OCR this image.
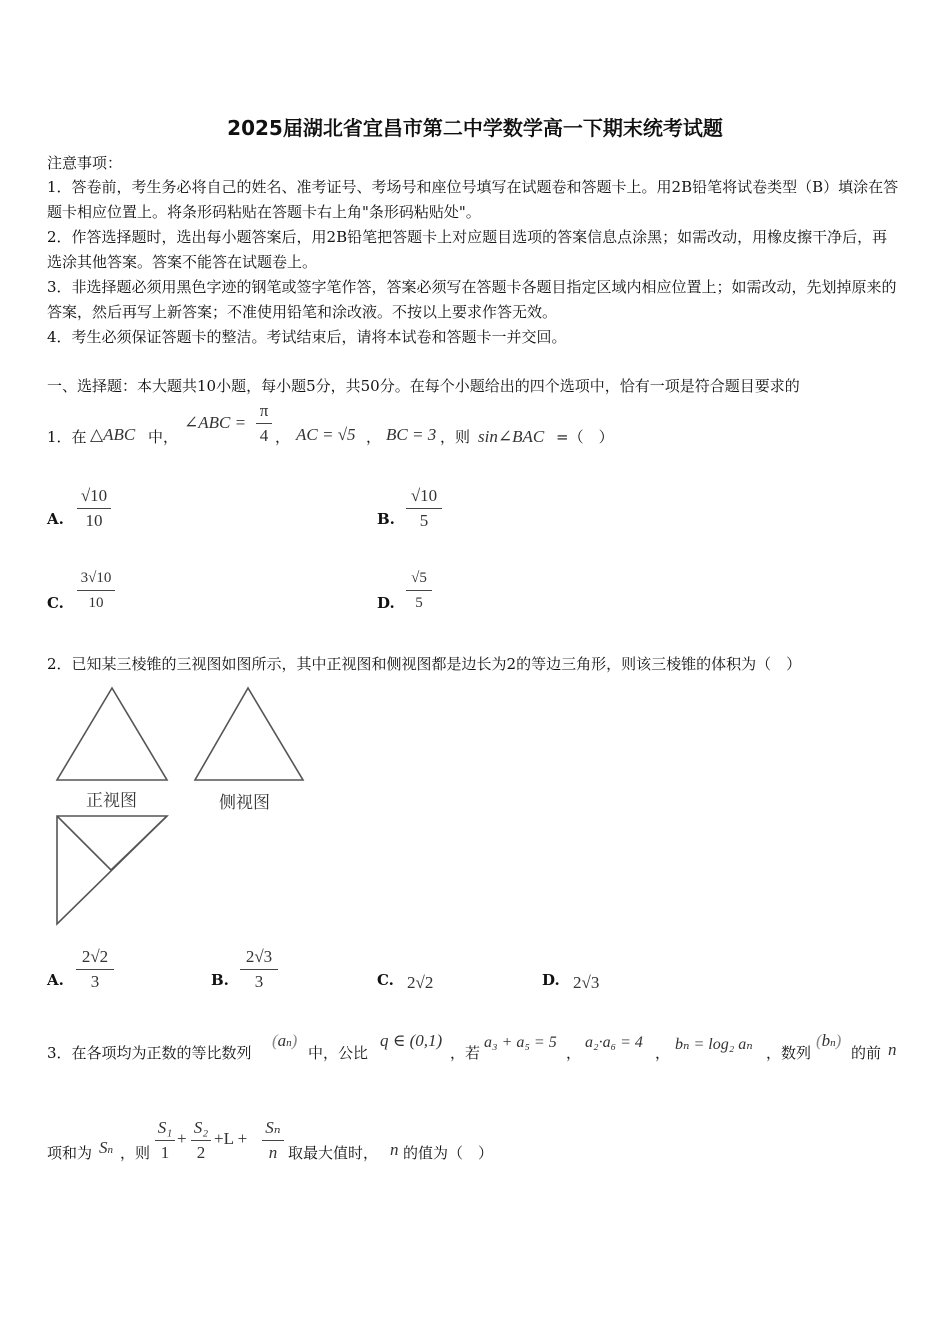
2025届湖北省宜昌市第二中学数学高一下期末统考试题
注意事项：
1．答卷前，考生务必将自己的姓名、准考证号、考场号和座位号填写在试题卷和答题卡上。用2B铅笔将试卷类型（B）填涂在答题卡相应位置上。将条形码粘贴在答题卡右上角"条形码粘贴处"。
2．作答选择题时，选出每小题答案后，用2B铅笔把答题卡上对应题目选项的答案信息点涂黑；如需改动，用橡皮擦干净后，再选涂其他答案。答案不能答在试题卷上。
3．非选择题必须用黑色字迹的钢笔或签字笔作答，答案必须写在答题卡各题目指定区域内相应位置上；如需改动，先划掉原来的答案，然后再写上新答案；不准使用铅笔和涂改液。不按以上要求作答无效。
4．考生必须保证答题卡的整洁。考试结束后，请将本试卷和答题卡一并交回。
一、选择题：本大题共10小题，每小题5分，共50分。在每个小题给出的四个选项中，恰有一项是符合题目要求的
1．在 △ABC 中，
∠ABC =
π
4 ， AC = √5 ， BC = 3 ，则 sin∠BAC =（　）
A.
√10
10	B.
√10
5
C.
3√10
10	D.
√5
5
2．已知某三棱锥的三视图如图所示，其中正视图和侧视图都是边长为2的等边三角形，则该三棱锥的体积为（　）
正视图	侧视图
A.
2√2
3	B.
2√3
3	C. 2√2	D. 2√3
3．在各项均为正数的等比数列
(an)
中，公比
q ∈ (0,1)
，若
a₃ + a₅ = 5
，
a₂·a₆ = 4
， bₙ = log₂ aₙ ，数列
(bn)
的前 n
项和为 Sn ，则
S₁
1
+
S₂
2
+L +
Sₙ
n 取最大值时， n 的值为（　）
